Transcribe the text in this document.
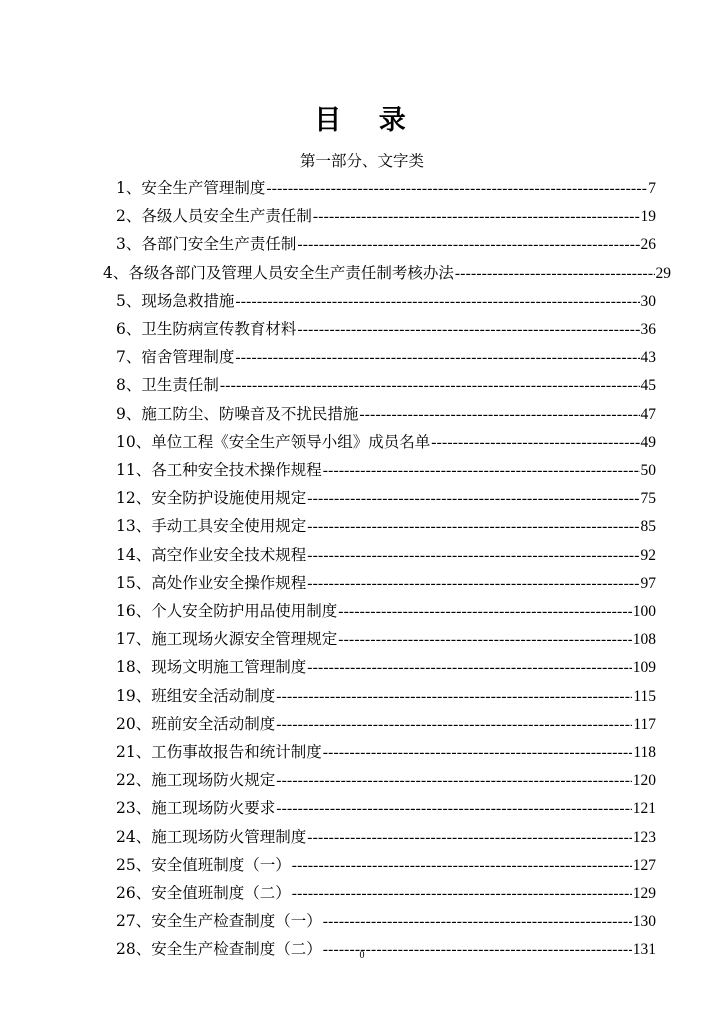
目 录
第一部分、文字类
1、安全生产管理制度 -----	7
2、各级人员安全生产责任制 -----	19
3、各部门安全生产责任制 -----	26
4、各级各部门及管理人员安全生产责任制考核办法 -----	29
5、现场急救措施 -----	30
6、卫生防病宣传教育材料 -----	36
7、宿舍管理制度 -----	43
8、卫生责任制 -----	45
9、施工防尘、防噪音及不扰民措施 -----	47
10、单位工程《安全生产领导小组》成员名单 -----	49
11、各工种安全技术操作规程 -----	50
12、安全防护设施使用规定 -----	75
13、手动工具安全使用规定 -----	85
14、高空作业安全技术规程 -----	92
15、高处作业安全操作规程 -----	97
16、个人安全防护用品使用制度 -----	100
17、施工现场火源安全管理规定 -----	108
18、现场文明施工管理制度 -----	109
19、班组安全活动制度 -----	115
20、班前安全活动制度 -----	117
21、工伤事故报告和统计制度 -----	118
22、施工现场防火规定 -----	120
23、施工现场防火要求 -----	121
24、施工现场防火管理制度 -----	123
25、安全值班制度（一） -----	127
26、安全值班制度（二） -----	129
27、安全生产检查制度（一） -----	130
28、安全生产检查制度（二） -----	131
0
